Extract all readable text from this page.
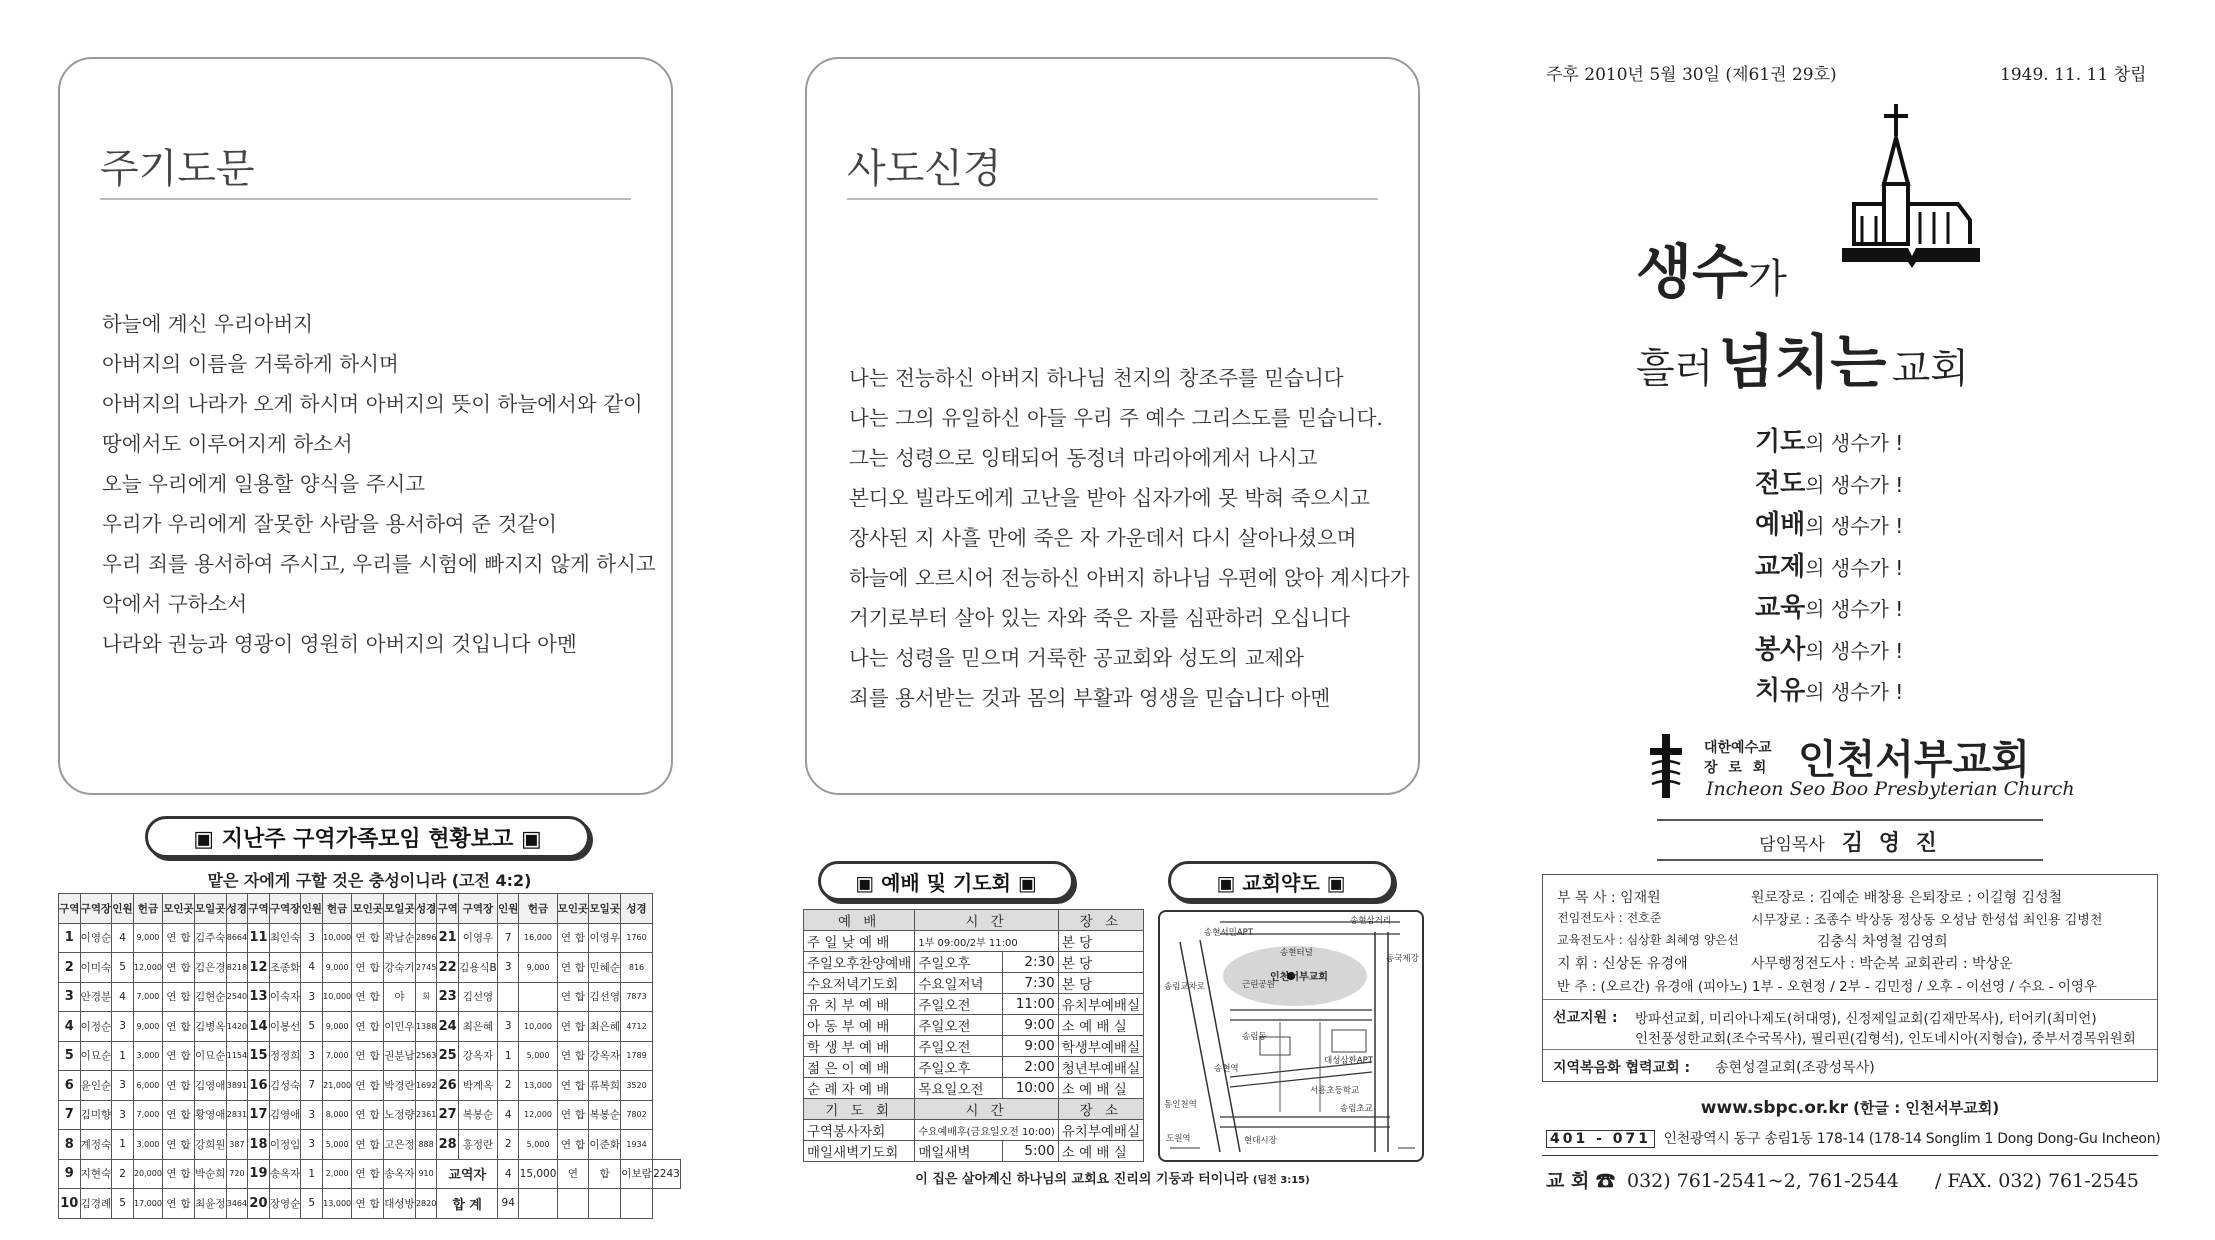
주기도문
하늘에 계신 우리아버지
아버지의 이름을 거룩하게 하시며
아버지의 나라가 오게 하시며 아버지의 뜻이 하늘에서와 같이
땅에서도 이루어지게 하소서
오늘 우리에게 일용할 양식을 주시고
우리가 우리에게 잘못한 사람을 용서하여 준 것같이
우리 죄를 용서하여 주시고, 우리를 시험에 빠지지 않게 하시고
악에서 구하소서
나라와 권능과 영광이 영원히 아버지의 것입니다 아멘
사도신경
나는 전능하신 아버지 하나님 천지의 창조주를 믿습니다
나는 그의 유일하신 아들 우리 주 예수 그리스도를 믿습니다.
그는 성령으로 잉태되어 동정녀 마리아에게서 나시고
본디오 빌라도에게 고난을 받아 십자가에 못 박혀 죽으시고
장사된 지 사흘 만에 죽은 자 가운데서 다시 살아나셨으며
하늘에 오르시어 전능하신 아버지 하나님 우편에 앉아 계시다가
거기로부터 살아 있는 자와 죽은 자를 심판하러 오십니다
나는 성령을 믿으며 거룩한 공교회와 성도의 교제와
죄를 용서받는 것과 몸의 부활과 영생을 믿습니다 아멘
▣ 지난주 구역가족모임 현황보고 ▣
맡은 자에게 구할 것은 충성이니라 (고전 4:2)
구역	구역장	인원	헌금	모인곳	모일곳	성경	구역	구역장	인원	헌금	모인곳	모일곳	성경	구역	구역장	인원	헌금	모인곳	모일곳	성경	
1	이영순	4	9,000	연 합	김주숙	8664	11	최인숙	3	10,000	연 합	곽남순	2896	21	이영우	7	16,000	연 합	이영우	1760	
2	이미숙	5	12,000	연 합	김은경	8218	12	조종화	4	9,000	연 합	강숙기	2745	22	김용식B	3	9,000	연 합	민혜순	816	
3	안경분	4	7,000	연 합	김현순	2540	13	이숙자	3	10,000	연 합	야	회	23	김선영			연 합	김선영	7873	
4	이정순	3	9,000	연 합	김병옥	1420	14	이봉선	5	9,000	연 합	이민우	1388	24	최은혜	3	10,000	연 합	최은혜	4712	
5	이묘순	1	3,000	연 합	이묘순	1154	15	정정희	3	7,000	연 합	권분남	2563	25	강옥자	1	5,000	연 합	강옥자	1789	
6	윤인순	3	6,000	연 합	김영애	3891	16	김성숙	7	21,000	연 합	박경란	1692	26	박계옥	2	13,000	연 합	류복희	3520	
7	김미향	3	7,000	연 합	황영애	2831	17	김영애	3	8,000	연 합	노정량	2361	27	복봉순	4	12,000	연 합	복봉순	7802	
8	계정숙	1	3,000	연 합	강희원	387	18	이정임	3	5,000	연 합	고은정	888	28	홍정란	2	5,000	연 합	이준화	1934	
9	지현숙	2	20,000	연 합	박순희	720	19	송옥자	1	2,000	연 합	송옥자	910	교역자		4	15,000	연	합	이보람	2243
10	김경례	5	17,000	연 합	최윤정	3464	20	장영순	5	13,000	연 합	대성방	2820	합 계		94					
▣ 예배 및 기도회 ▣
예 배	시 간		장 소
주 일 낮 예 배	1부 09:00/2부 11:00		본 당
주일오후찬양예배	주일오후	2:30	본 당
수요저녁기도회	수요일저녁	7:30	본 당
유 치 부 예 배	주일오전	11:00	유치부예배실
아 동 부 예 배	주일오전	9:00	소 예 배 실
학 생 부 예 배	주일오전	9:00	학생부예배실
젊 은 이 예 배	주일오후	2:00	청년부예배실
순 례 자 예 배	목요일오전	10:00	소 예 배 실
기 도 회	시 간		장 소
구역봉사자회	수요예배후(금요일오전 10:00)		유치부예배실
매일새벽기도회	매일새벽	5:00	소 예 배 실
이 집은 살아계신 하나님의 교회요 진리의 기둥과 터이니라 (딤전 3:15)
▣ 교회약도 ▣
인천서부교회
송현서민APT
송림교차로
송현삼거리
송현터널
동국제강
근린공원
송림동
송현역
동인천역
대성삼환APT
서흥초등학교
송림초교
현대시장
도원역
주후 2010년 5월 30일 (제61권 29호)	1949. 11. 11 창립
생수가
흘러 넘치는 교회
기도의 생수가 !
전도의 생수가 !
예배의 생수가 !
교제의 생수가 !
교육의 생수가 !
봉사의 생수가 !
치유의 생수가 !
대한예수교
장 로 회 인천서부교회
Incheon Seo Boo Presbyterian Church
담임목사 김 영 진
부 목 사 : 임재원	원로장로 : 김예순 배창용 은퇴장로 : 이길형 김성철
전임전도사 : 전호준	시무장로 : 조종수 박상동 정상동 오성남 한성섭 최인용 김병천
교육전도사 : 심상환 최혜영 양은선	김충식 차영철 김영희
지 휘 : 신상돈 유경애	사무행정전도사 : 박순복 교회관리 : 박상운
반 주 : (오르간) 유경애 (피아노) 1부 - 오현정 / 2부 - 김민정 / 오후 - 이선영 / 수요 - 이영우
선교지원 : 방파선교회, 미리아나제도(허대영), 신정제일교회(김재만목사), 터어키(최미언)
인천풍성한교회(조수국목사), 필리핀(김형석), 인도네시아(지형습), 중부서경목위원회
지역복음화 협력교회 : 송현성결교회(조광성목사)
www.sbpc.or.kr (한글 : 인천서부교회)
401 - 071 인천광역시 동구 송림1동 178-14 (178-14 Songlim 1 Dong Dong-Gu Incheon)
교 회 ☎ 032) 761-2541~2, 761-2544 / FAX. 032) 761-2545
